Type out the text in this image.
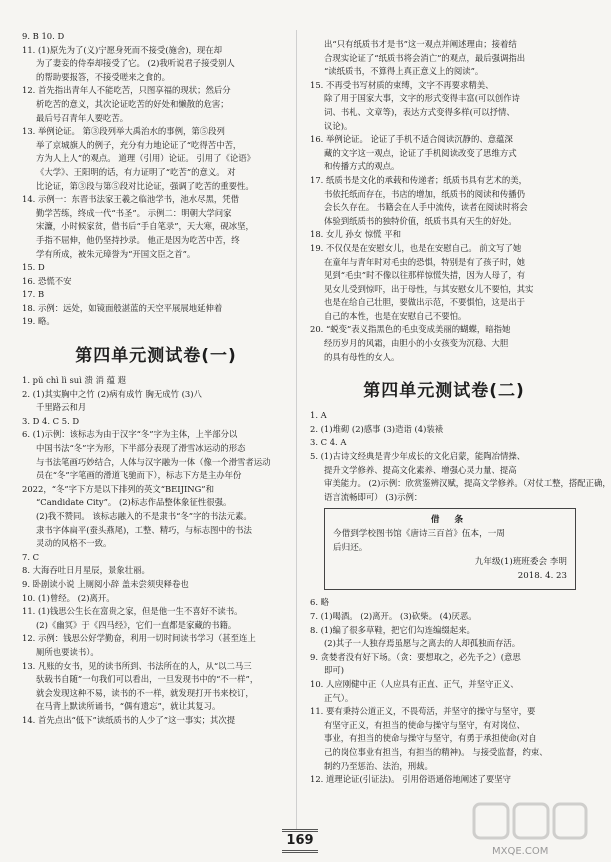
9. B 10. D
11. (1)原先为了(义)宁愿身死而不接受(施舍)，现在却
为了妻妾的侍奉却接受了它。 (2)我听说君子接受别人
的帮助要报答，不接受嗟来之食的。
12. 首先指出青年人不能吃苦，只图享福的现状；然后分
析吃苦的意义，其次论证吃苦的好处和懒散的危害；
最后号召青年人要吃苦。
13. 举例论证。 第③段列举大禹治水的事例，第⑤段列
举了京城旗人的例子，充分有力地论证了“吃得苦中苦，
方为人上人”的观点。 道理（引用）论证。 引用了《论语》
《大学》、王阳明的话，有力证明了“吃苦”的意义。 对
比论证，第③段与第⑤段对比论证，强调了吃苦的重要性。
14. 示例一：东晋书法家王羲之临池学书，池水尽黑，凭借
勤学苦练，终成一代“书圣”。 示例二：明朝大学问家
宋濂，小时候家贫，借书后“手自笔录”，天大寒，砚冰坚，
手指不屈伸，他仍坚持抄录。 他正是因为吃苦中苦，终
学有所成，被朱元璋誉为“开国文臣之首”。
15. D
16. 恐慌不安
17. B
18. 示例：远处，如镜面般湛蓝的天空平展展地延伸着
19. 略。
第四单元测试卷(一)
1. pǔ chì lì suì 溃 消 蕴 遐
2. (1)其实胸中之竹 (2)病有成竹 胸无成竹 (3)八
千里路云和月
3. D 4. C 5. D
6. (1)示例：该标志为由于汉字“冬”字为主体，上半部分以
中国书法“冬”字为形，下半部分表现了滑雪冰运动的形态
与书法笔画巧妙结合，人体与汉字融为一体（像一个滑雪者运动
员在“冬”字笔画的滑道飞驰而下），标志下方是主办年份
2022，“冬”字下方是以下排列的英文“BEIJING”和
“Candidate City”。 (2)标志作品整体象征性很强。
(2)我不赞同。 该标志融入的不是隶书“冬”字的书法元素。
隶书字体扁平(蚕头燕尾)，工整、精巧，与标志图中的书法
灵动的风格不一致。
7. C
8. 大海吞吐日月星辰，景象壮丽。
9. 卧剧读小说 上厕阅小辞 盖未尝须臾释卷也
10. (1)曾经。 (2)离开。
11. (1)钱思公生长在富贵之家，但是他一生不喜好不读书。
(2)《幽冥》于《四马经》，它们一直都是家藏的书籍。
12. 示例：钱思公好学勤奋，利用一切时间读书学习（甚至连上
厕所也要读书）。
13. 凡账的女书，见的读书所到、书法所在的人，从“以二马三
驮载书自随”一句我们可以看出，一旦发现书中的“不一样”，
就会发现这种不易，读书的不一样，就发现打开书来校订，
在马背上默读所诵书，“偶有遗忘”，就让其复习。
14. 首先点出“低下”读纸质书的人少了”这一事实；其次提
出“只有纸质书才是书”这一观点并阐述理由；接着结
合现实论证了“纸质书将会消亡”的观点，最后强调指出
“读纸质书，不算得上真正意义上的阅读”。
15. 不再受书写材质的束缚，文字不再要求精美、
除了用于国家大事，文字的形式变得丰富(可以创作诗
词、书札、文章等)，表达方式变得多样(可以抒情、
议论)。
16. 举例论证。 论证了手机不适合阅读沉静的、意蕴深
藏的文字这一观点，论证了手机阅读改变了思维方式
和传播方式的观点。
17. 纸质书是文化的承载和传递者；纸质书具有艺术的美，
书依托纸而存在，书店的增加，纸质书的阅读和传播仍
会长久存在。 书籍会在人手中流传，读者在阅读时将会
体验到纸质书的独特价值，纸质书具有天生的好处。
18. 女儿 孙女 惊慌 平和
19. 不仅仅是在安慰女儿，也是在安慰自己。 前文写了她
在童年与青年时对毛虫的恐惧，特别是有了孩子时，她
见到“毛虫”时不像以往那样惊慌失措，因为人母了，有
见女儿受到惊吓，出于母性，与其安慰女儿不要怕，其实
也是在给自己壮胆，要做出示范，不要惧怕，这是出于
自己的本性，也是在安慰自己不要怕。
20. “蜕变”表义指黑色的毛虫变成美丽的蝴蝶，暗指她
经历岁月的风霜，由胆小的小女孩变为沉稳、大胆
的具有母性的女人。
第四单元测试卷(二)
1. A
2. (1)堆砌 (2)感事 (3)造诣 (4)装裱
3. C 4. A
5. (1)古诗文经典是青少年成长的文化启蒙，能陶冶情操、
提升文学修养、提高文化素养、增强心灵力量、提高
审美能力。 (2)示例：欣赏鉴辨汉赋，提高文学修养。（对仗工整，搭配正确，
语言流畅即可） (3)示例：
借 条
今借到学校图书馆《唐诗三百首》伍本，一周
后归还。
九年级(1)班班委会 李明
2018. 4. 23
6. 略
7. (1)喝酒。 (2)离开。 (3)砍柴。 (4)厌恶。
8. (1)编了很多草鞋，把它们勾连编缀起来。
(2)其子一人独存焉虽愿与之离去的人却孤独而存活。
9. 贪婪者没有好下场。（贪：要想取之，必先予之）(意思
即可)
10. 人应刚健中正（人应具有正直、正气，并坚守正义、
正气）。
11. 要有秉持公道正义，不畏苟活，并坚守的操守与坚守，要
有坚守正义，有担当的使命与操守与坚守，有对岗位、
事业，有担当的使命与操守与坚守，有勇于承担使命(对自
己的岗位事业有担当，有担当的精神)。 与接受监督，约束、
制约乃至惩治、法治，刑裁。
12. 道理论证(引证法)。 引用俗语通俗地阐述了要坚守
169
MXQE.COM
